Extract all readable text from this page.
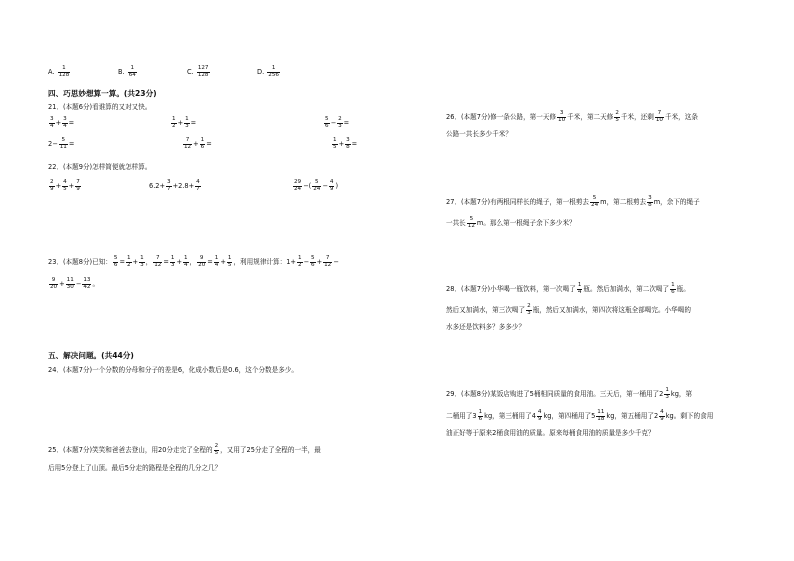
A. $\frac{1}{128}$	B. $\frac{1}{64}$	C. $\frac{127}{128}$	D. $\frac{1}{256}$
四、巧思妙想算一算。(共23分)
21．(本题6分)看谁算的又对又快。
$\frac{3}{4} + \frac{3}{4}$ =	$\frac{1}{2} + \frac{1}{3}$ =	$\frac{5}{6} - \frac{2}{3}$ =
$2- \frac{5}{11}$ =	$\frac{7}{12} + \frac{1}{6}$ =	$\frac{1}{5} + \frac{3}{8}$ =
22．(本题9分)怎样简便就怎样算。
$\frac{2}{9} + \frac{4}{5} + \frac{7}{9}$	$6.2+ \frac{3}{7} +2.8+ \frac{4}{7}$	$\frac{29}{24}$ −( $\frac{5}{24} - \frac{4}{9}$ )
23．(本题8分)已知： $\frac{5}{6} = \frac{1}{2} + \frac{1}{3}$ ， $\frac{7}{12} = \frac{1}{3} + \frac{1}{4}$ ， $\frac{9}{20} = \frac{1}{4} + \frac{1}{5}$ ，利用规律计算：$1+ \frac{1}{2} - \frac{5}{6} + \frac{7}{12}$ −
$\frac{9}{20} + \frac{11}{30} - \frac{13}{42}$ 。
五、解决问题。(共44分)
24．(本题7分)一个分数的分母和分子的差是6，化成小数后是0.6，这个分数是多少。
25．(本题7分)笑笑和爸爸去登山，用20分走完了全程的 $\frac{2}{5}$ ，又用了25分走了全程的一半，最
后用5分登上了山顶。最后5分走的路程是全程的几分之几？
26．(本题7分)修一条公路，第一天修 $\frac{3}{10}$ 千米，第二天修 $\frac{2}{5}$ 千米，还剩 $\frac{7}{10}$ 千米，这条
公路一共长多少千米？
27．(本题7分)有两根同样长的绳子，第一根剪去 $\frac{5}{24}$ m，第二根剪去 $\frac{3}{8}$ m，余下的绳子
一共长 $\frac{5}{12}$ m。那么第一根绳子余下多少米？
28．(本题7分)小华喝一瓶饮料，第一次喝了 $\frac{1}{4}$ 瓶。然后加满水，第二次喝了 $\frac{1}{6}$ 瓶。
然后又加满水，第三次喝了 $\frac{2}{3}$ 瓶，然后又加满水，第四次将这瓶全部喝完。小华喝的
水多还是饮料多？多多少？
29．(本题8分)某饭店购进了5桶相同质量的食用油。三天后，第一桶用了$2 \frac{1}{3}$ kg，第
二桶用了$3 \frac{1}{6}$ kg，第三桶用了$4 \frac{4}{9}$ kg，第四桶用了$5 \frac{11}{18}$ kg，第五桶用了$2 \frac{4}{9}$ kg。剩下的食用
油正好等于原来2桶食用油的质量。原来每桶食用油的质量是多少千克？
